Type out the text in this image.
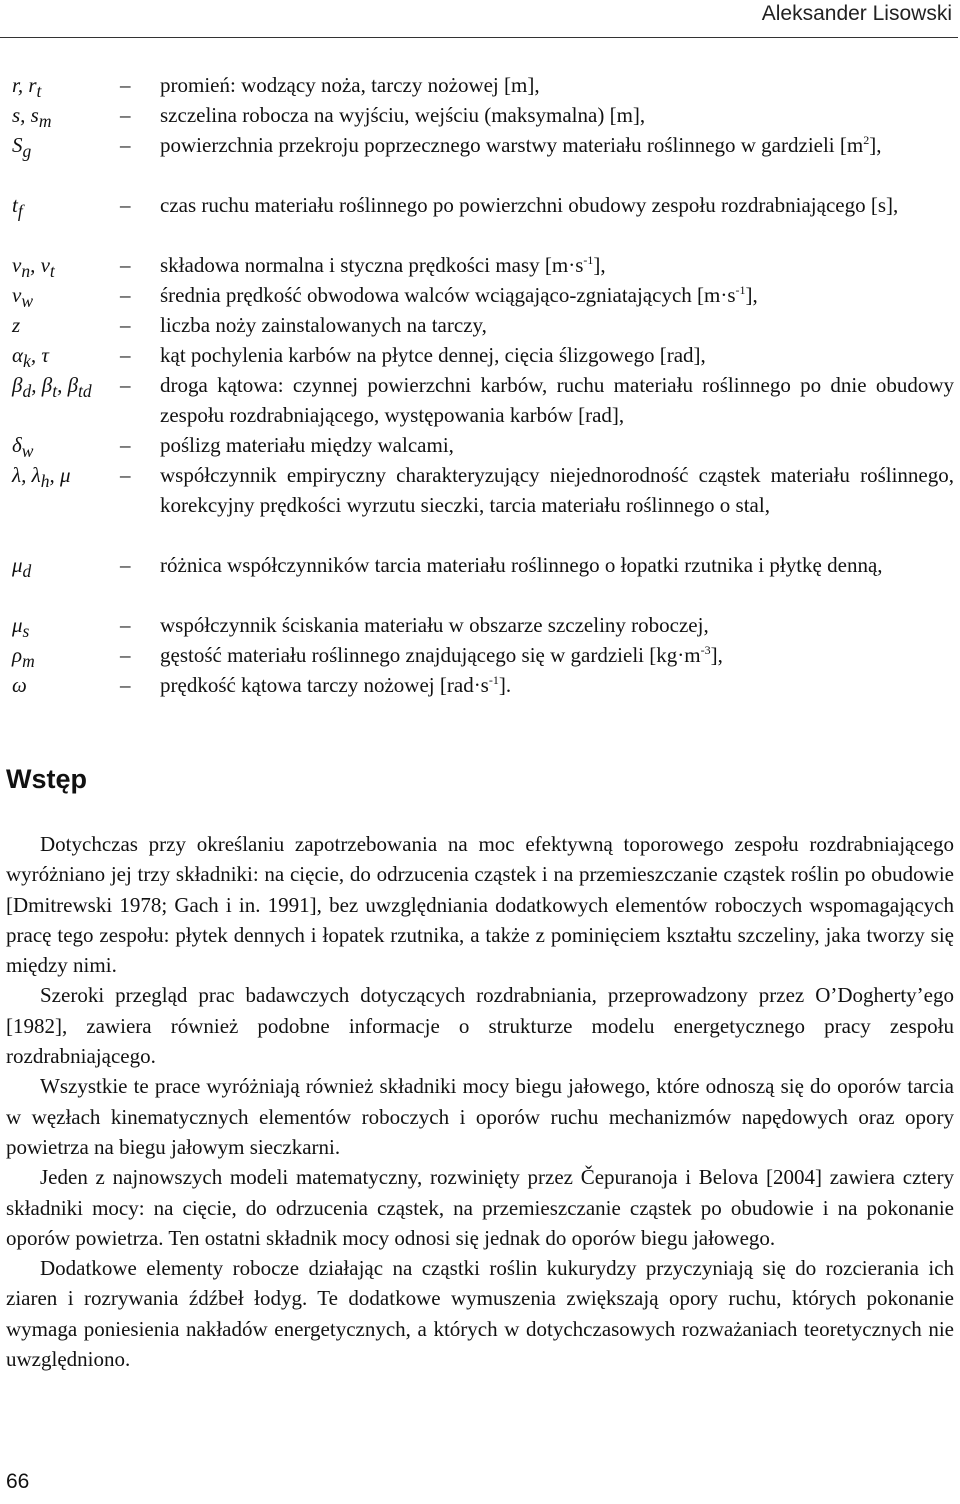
Aleksander Lisowski
r, $r_t$	– promień: wodzący noża, tarczy nożowej [m],
s, $s_m$	– szczelina robocza na wyjściu, wejściu (maksymalna) [m],
$S_g$	– powierzchnia przekroju poprzecznego warstwy materiału roślinnego w gardzieli $[m^2]$,
$t_f$	– czas ruchu materiału roślinnego po powierzchni obudowy zespołu rozdrabniającego [s],
$v_n$, $v_t$	– składowa normalna i styczna prędkości masy $[m\cdot s^{-1}]$,
$v_w$	– średnia prędkość obwodowa walców wciągająco-zgniatających $[m\cdot s^{-1}]$,
z	– liczba noży zainstalowanych na tarczy,
$\alpha_k$, τ	– kąt pochylenia karbów na płytce dennej, cięcia ślizgowego [rad],
$\beta_d$, $\beta_t$, $\beta_{td}$ – droga kątowa: czynnej powierzchni karbów, ruchu materiału roślinnego po dnie obudowy zespołu rozdrabniającego, występowania karbów [rad],
$\delta_w$	– poślizg materiału między walcami,
λ, $\lambda_h$, μ – współczynnik empiryczny charakteryzujący niejednorodność cząstek materiału roślinnego, korekcyjny prędkości wyrzutu sieczki, tarcia materiału roślinnego o stal,
$\mu_d$	– różnica współczynników tarcia materiału roślinnego o łopatki rzutnika i płytkę denną,
$\mu_s$	– współczynnik ściskania materiału w obszarze szczeliny roboczej,
$\rho_m$	– gęstość materiału roślinnego znajdującego się w gardzieli $[kg\cdot m^{-3}]$,
ω	– prędkość kątowa tarczy nożowej $[rad\cdot s^{-1}]$.
Wstęp

Dotychczas przy określaniu zapotrzebowania na moc efektywną toporowego zespołu rozdrabniającego wyróżniano jej trzy składniki: na cięcie, do odrzucenia cząstek i na przemieszczanie cząstek roślin po obudowie [Dmitrewski 1978; Gach i in. 1991], bez uwzględniania dodatkowych elementów roboczych wspomagających pracę tego zespołu: płytek dennych i łopatek rzutnika, a także z pominięciem kształtu szczeliny, jaka tworzy się między nimi.

Szeroki przegląd prac badawczych dotyczących rozdrabniania, przeprowadzony przez O’Dogherty’ego [1982], zawiera również podobne informacje o strukturze modelu energetycznego pracy zespołu rozdrabniającego.

Wszystkie te prace wyróżniają również składniki mocy biegu jałowego, które odnoszą się do oporów tarcia w węzłach kinematycznych elementów roboczych i oporów ruchu mechanizmów napędowych oraz opory powietrza na biegu jałowym sieczkarni.

Jeden z najnowszych modeli matematyczny, rozwinięty przez Čepuranoja i Belova [2004] zawiera cztery składniki mocy: na cięcie, do odrzucenia cząstek, na przemieszczanie cząstek po obudowie i na pokonanie oporów powietrza. Ten ostatni składnik mocy odnosi się jednak do oporów biegu jałowego.

Dodatkowe elementy robocze działając na cząstki roślin kukurydzy przyczyniają się do rozcierania ich ziaren i rozrywania źdźbeł łodyg. Te dodatkowe wymuszenia zwiększają opory ruchu, których pokonanie wymaga poniesienia nakładów energetycznych, a których w dotychczasowych rozważaniach teoretycznych nie uwzględniono.

66
